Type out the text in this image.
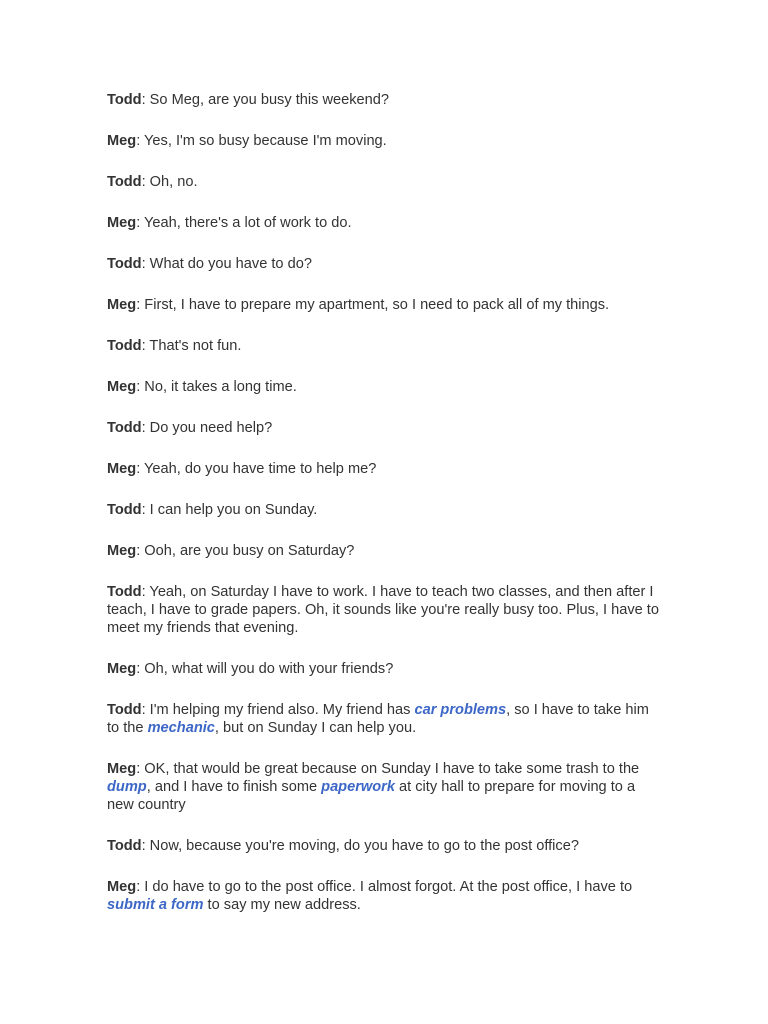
Todd: So Meg, are you busy this weekend?

Meg: Yes, I'm so busy because I'm moving.

Todd: Oh, no.

Meg: Yeah, there's a lot of work to do.

Todd: What do you have to do?

Meg: First, I have to prepare my apartment, so I need to pack all of my things.

Todd: That's not fun.

Meg: No, it takes a long time.

Todd: Do you need help?

Meg: Yeah, do you have time to help me?

Todd: I can help you on Sunday.

Meg: Ooh, are you busy on Saturday?

Todd: Yeah, on Saturday I have to work. I have to teach two classes, and then after I teach, I have to grade papers. Oh, it sounds like you're really busy too. Plus, I have to meet my friends that evening.

Meg: Oh, what will you do with your friends?

Todd: I'm helping my friend also. My friend has car problems, so I have to take him to the mechanic, but on Sunday I can help you.

Meg: OK, that would be great because on Sunday I have to take some trash to the dump, and I have to finish some paperwork at city hall to prepare for moving to a new country

Todd: Now, because you're moving, do you have to go to the post office?

Meg: I do have to go to the post office. I almost forgot. At the post office, I have to submit a form to say my new address.
